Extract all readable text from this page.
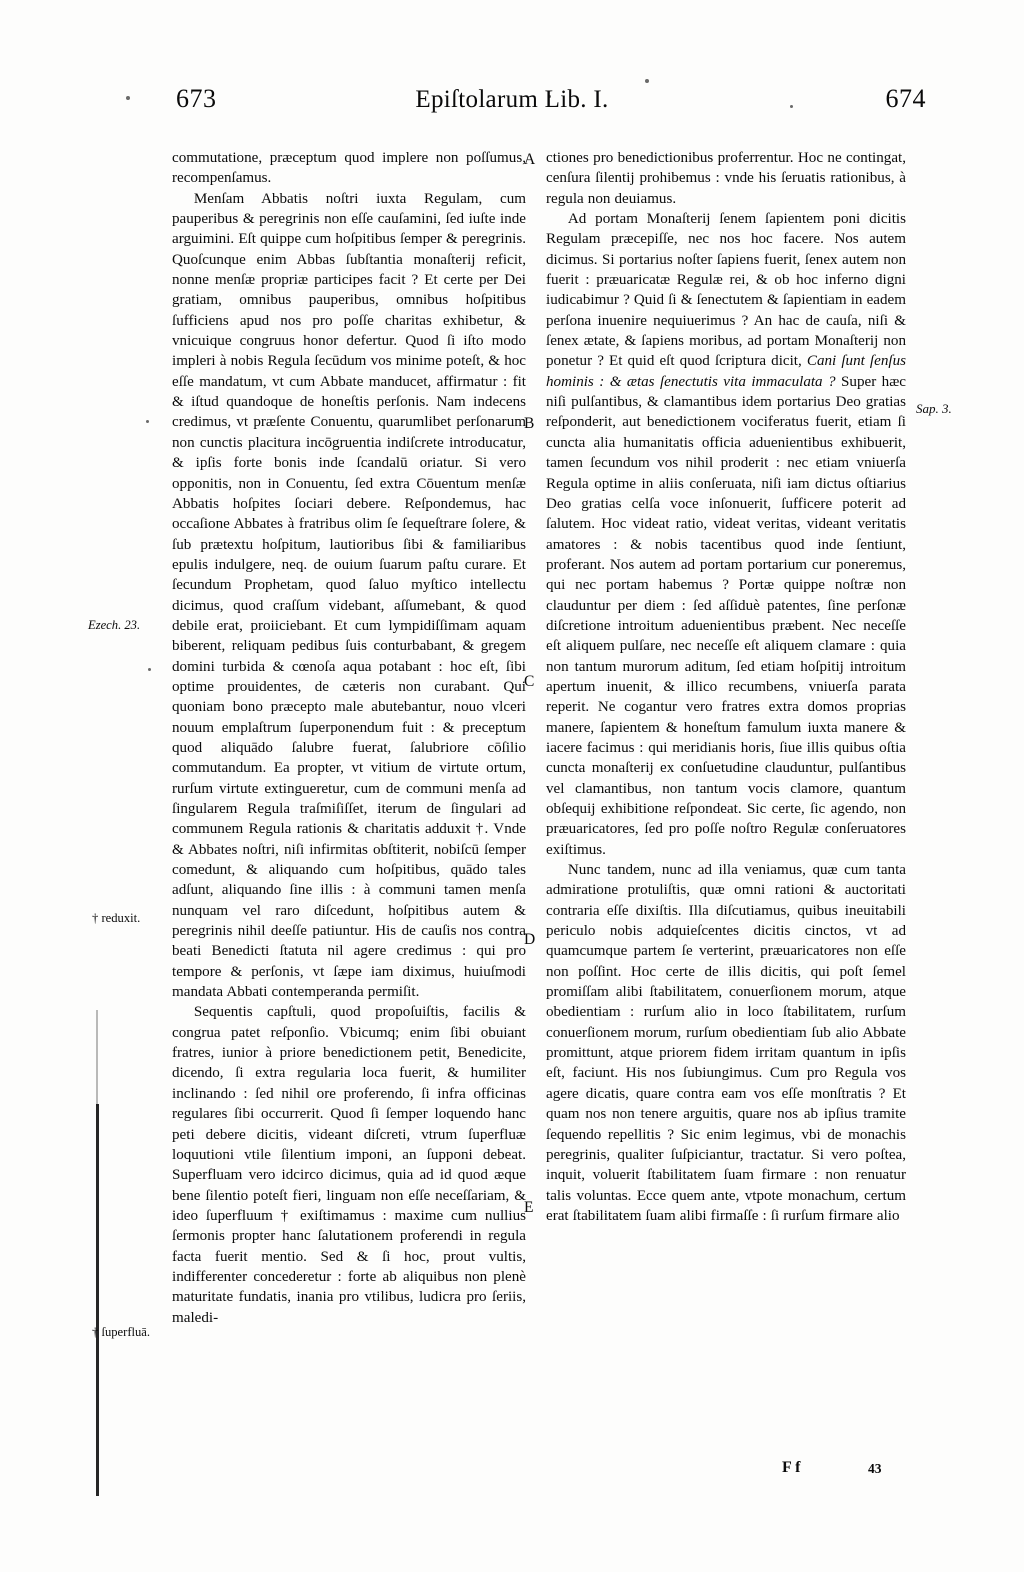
673	Epiſtolarum Lib. I.	674
Ezech. 23.
† reduxit.
† ſuperfluā.
Sap. 3.
A
B
C
D
E

commutatione, præceptum quod implere non poſſumus, recompenſamus.

Menſam Abbatis noſtri iuxta Regulam, cum pauperibus & peregrinis non eſſe cauſamini, ſed iuſte inde arguimini. Eſt quippe cum hoſpitibus ſemper & peregrinis. Quoſcunque enim Abbas ſubſtantia monaſterij reficit, nonne menſæ propriæ participes facit ? Et certe per Dei gratiam, omnibus pauperibus, omnibus hoſpitibus ſufficiens apud nos pro poſſe charitas exhibetur, & vnicuique congruus honor defertur. Quod ſi iſto modo impleri à nobis Regula ſecūdum vos minime poteſt, & hoc eſſe mandatum, vt cum Abbate manducet, affirmatur : fit & iſtud quandoque de honeſtis perſonis. Nam indecens credimus, vt præſente Conuentu, quarumlibet perſonarum non cunctis placitura incōgruentia indiſcrete introducatur, & ipſis forte bonis inde ſcandalū oriatur. Si vero opponitis, non in Conuentu, ſed extra Cōuentum menſæ Abbatis hoſpites ſociari debere. Reſpondemus, hac occaſione Abbates à fratribus olim ſe ſequeſtrare ſolere, & ſub prætextu hoſpitum, lautioribus ſibi & familiaribus epulis indulgere, neq. de ouium ſuarum paſtu curare. Et ſecundum Prophetam, quod ſaluo myſtico intellectu dicimus, quod craſſum videbant, aſſumebant, & quod debile erat, proiiciebant. Et cum lympidiſſimam aquam biberent, reliquam pedibus ſuis conturbabant, & gregem domini turbida & cœnoſa aqua potabant : hoc eſt, ſibi optime prouidentes, de cæteris non curabant. Qui quoniam bono præcepto male abutebantur, nouo vlceri nouum emplaſtrum ſuperponendum fuit : & preceptum quod aliquādo ſalubre fuerat, ſalubriore cōſilio commutandum. Ea propter, vt vitium de virtute ortum, rurſum virtute extingueretur, cum de communi menſa ad ſingularem Regula traſmiſiſſet, iterum de ſingulari ad communem Regula rationis & charitatis adduxit †. Vnde & Abbates noſtri, niſi infirmitas obſtiterit, nobiſcū ſemper comedunt, & aliquando cum hoſpitibus, quādo tales adſunt, aliquando ſine illis : à communi tamen menſa nunquam vel raro diſcedunt, hoſpitibus autem & peregrinis nihil deeſſe patiuntur. His de cauſis nos contra beati Benedicti ſtatuta nil agere credimus : qui pro tempore & perſonis, vt ſæpe iam diximus, huiuſmodi mandata Abbati contemperanda permiſit.

Sequentis capſtuli, quod propoſuiſtis, facilis & congrua patet reſponſio. Vbicumq; enim ſibi obuiant fratres, iunior à priore benedictionem petit, Benedicite, dicendo, ſi extra regularia loca fuerit, & humiliter inclinando : ſed nihil ore proferendo, ſi infra officinas regulares ſibi occurrerit. Quod ſi ſemper loquendo hanc peti debere dicitis, videant diſcreti, vtrum ſuperfluæ loquutioni vtile ſilentium imponi, an ſupponi debeat. Superfluam vero idcirco dicimus, quia ad id quod æque bene ſilentio poteſt fieri, linguam non eſſe neceſſariam, & ideo ſuperfluum † exiſtimamus : maxime cum nullius ſermonis propter hanc ſalutationem proferendi in regula facta fuerit mentio. Sed & ſi hoc, prout vultis, indifferenter concederetur : forte ab aliquibus non plenè maturitate fundatis, inania pro vtilibus, ludicra pro ſeriis, maledi-

ctiones pro benedictionibus proferrentur. Hoc ne contingat, cenſura ſilentij prohibemus : vnde his ſeruatis rationibus, à regula non deuiamus.

Ad portam Monaſterij ſenem ſapientem poni dicitis Regulam præcepiſſe, nec nos hoc facere. Nos autem dicimus. Si portarius noſter ſapiens fuerit, ſenex autem non fuerit : præuaricatæ Regulæ rei, & ob hoc inferno digni iudicabimur ? Quid ſi & ſenectutem & ſapientiam in eadem perſona inuenire nequiuerimus ? An hac de cauſa, niſi & ſenex ætate, & ſapiens moribus, ad portam Monaſterij non ponetur ? Et quid eſt quod ſcriptura dicit, Cani ſunt ſenſus hominis : & ætas ſenectutis vita immaculata ? Super hæc niſi pulſantibus, & clamantibus idem portarius Deo gratias reſponderit, aut benedictionem vociferatus fuerit, etiam ſi cuncta alia humanitatis officia aduenientibus exhibuerit, tamen ſecundum vos nihil proderit : nec etiam vniuerſa Regula optime in aliis conſeruata, niſi iam dictus oſtiarius Deo gratias celſa voce inſonuerit, ſufficere poterit ad ſalutem. Hoc videat ratio, videat veritas, videant veritatis amatores : & nobis tacentibus quod inde ſentiunt, proferant. Nos autem ad portam portarium cur poneremus, qui nec portam habemus ? Portæ quippe noſtræ non clauduntur per diem : ſed aſſiduè patentes, ſine perſonæ diſcretione introitum aduenientibus præbent. Nec neceſſe eſt aliquem pulſare, nec neceſſe eſt aliquem clamare : quia non tantum murorum aditum, ſed etiam hoſpitij introitum apertum inuenit, & illico recumbens, vniuerſa parata reperit. Ne cogantur vero fratres extra domos proprias manere, ſapientem & honeſtum famulum iuxta manere & iacere facimus : qui meridianis horis, ſiue illis quibus oſtia cuncta monaſterij ex conſuetudine clauduntur, pulſantibus vel clamantibus, non tantum vocis clamore, quantum obſequij exhibitione reſpondeat. Sic certe, ſic agendo, non præuaricatores, ſed pro poſſe noſtro Regulæ conſeruatores exiſtimus.

Nunc tandem, nunc ad illa veniamus, quæ cum tanta admiratione protuliſtis, quæ omni rationi & auctoritati contraria eſſe dixiſtis. Illa diſcutiamus, quibus ineuitabili periculo nobis adquieſcentes dicitis cinctos, vt ad quamcumque partem ſe verterint, præuaricatores non eſſe non poſſint. Hoc certe de illis dicitis, qui poſt ſemel promiſſam alibi ſtabilitatem, conuerſionem morum, atque obedientiam : rurſum alio in loco ſtabilitatem, rurſum conuerſionem morum, rurſum obedientiam ſub alio Abbate promittunt, atque priorem fidem irritam quantum in ipſis eſt, faciunt. His nos ſubiungimus. Cum pro Regula vos agere dicatis, quare contra eam vos eſſe monſtratis ? Et quam nos non tenere arguitis, quare nos ab ipſius tramite ſequendo repellitis ? Sic enim legimus, vbi de monachis peregrinis, qualiter ſuſpiciantur, tractatur. Si vero poſtea, inquit, voluerit ſtabilitatem ſuam firmare : non renuatur talis voluntas. Ecce quem ante, vtpote monachum, certum erat ſtabilitatem ſuam alibi firmaſſe : ſi rurſum firmare alio

F f	43
